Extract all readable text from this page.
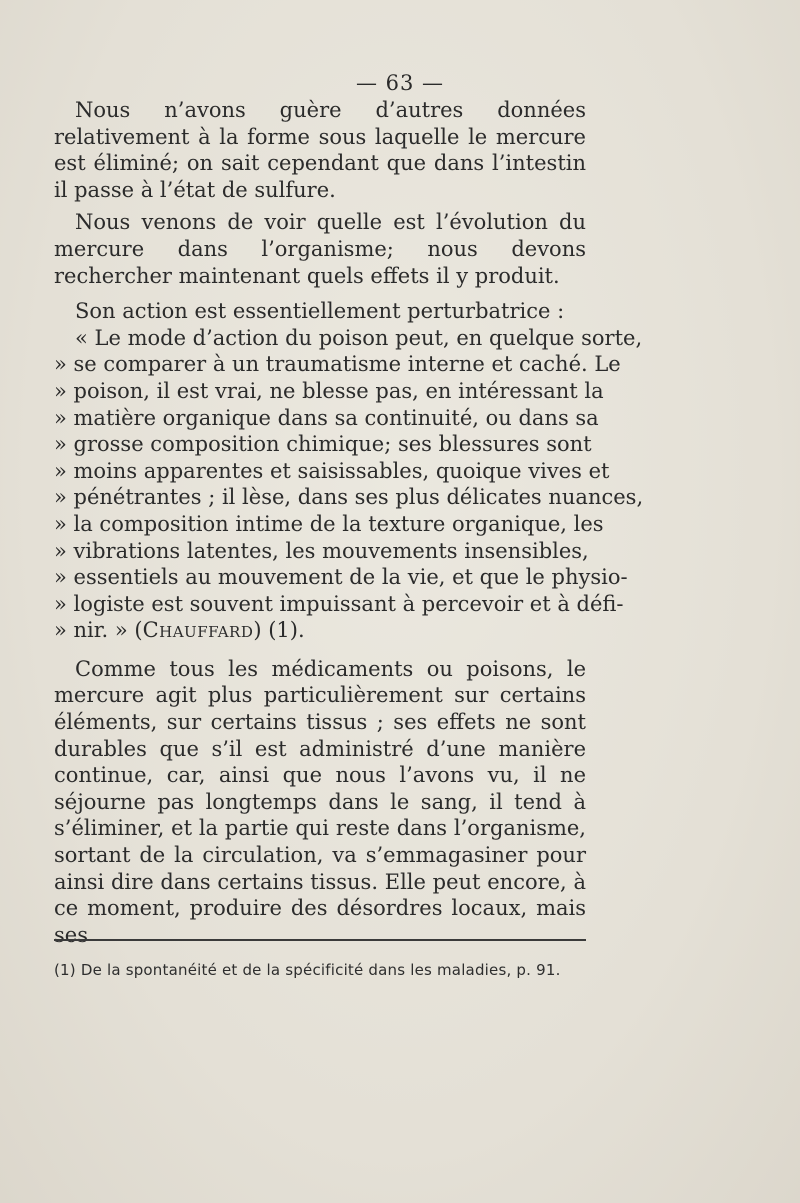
— 63 —

Nous n’avons guère d’autres données relativement à la forme sous laquelle le mercure est éliminé; on sait cependant que dans l’intestin il passe à l’état de sulfure.

Nous venons de voir quelle est l’évolution du mercure dans l’organisme; nous devons rechercher maintenant quels effets il y produit.

Son action est essentiellement perturbatrice :

« Le mode d’action du poison peut, en quelque sorte,
» se comparer à un traumatisme interne et caché. Le
» poison, il est vrai, ne blesse pas, en intéressant la
» matière organique dans sa continuité, ou dans sa
» grosse composition chimique; ses blessures sont
» moins apparentes et saisissables, quoique vives et
» pénétrantes ; il lèse, dans ses plus délicates nuances,
» la composition intime de la texture organique, les
» vibrations latentes, les mouvements insensibles,
» essentiels au mouvement de la vie, et que le physio-
» logiste est souvent impuissant à percevoir et à défi-
» nir. » (Chauffard) (1).

Comme tous les médicaments ou poisons, le mercure agit plus particulièrement sur certains éléments, sur certains tissus ; ses effets ne sont durables que s’il est administré d’une manière continue, car, ainsi que nous l’avons vu, il ne séjourne pas longtemps dans le sang, il tend à s’éliminer, et la partie qui reste dans l’organisme, sortant de la circulation, va s’emmagasiner pour ainsi dire dans certains tissus. Elle peut encore, à ce moment, produire des désordres locaux, mais ses

(1) De la spontanéité et de la spécificité dans les maladies, p. 91.
